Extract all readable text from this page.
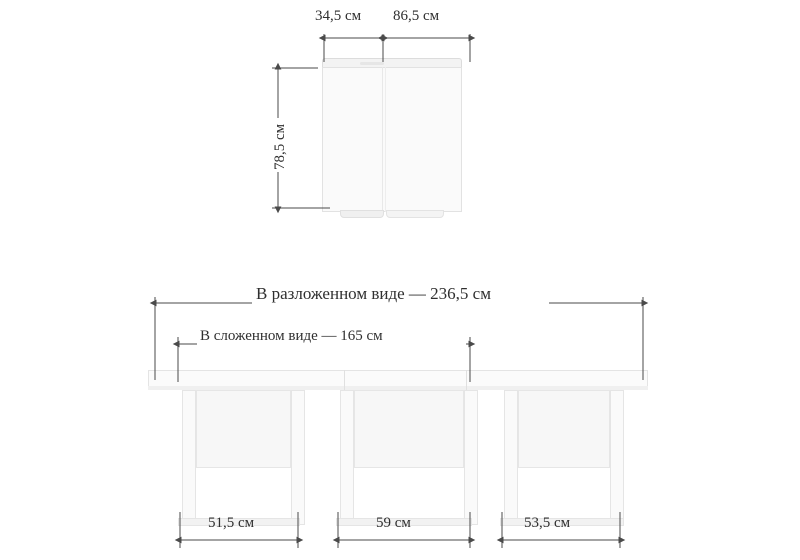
34,5 см 86,5 см
78,5 см
В разложенном виде — 236,5 см
В сложенном виде — 165 см
51,5 см	59 см	53,5 см
